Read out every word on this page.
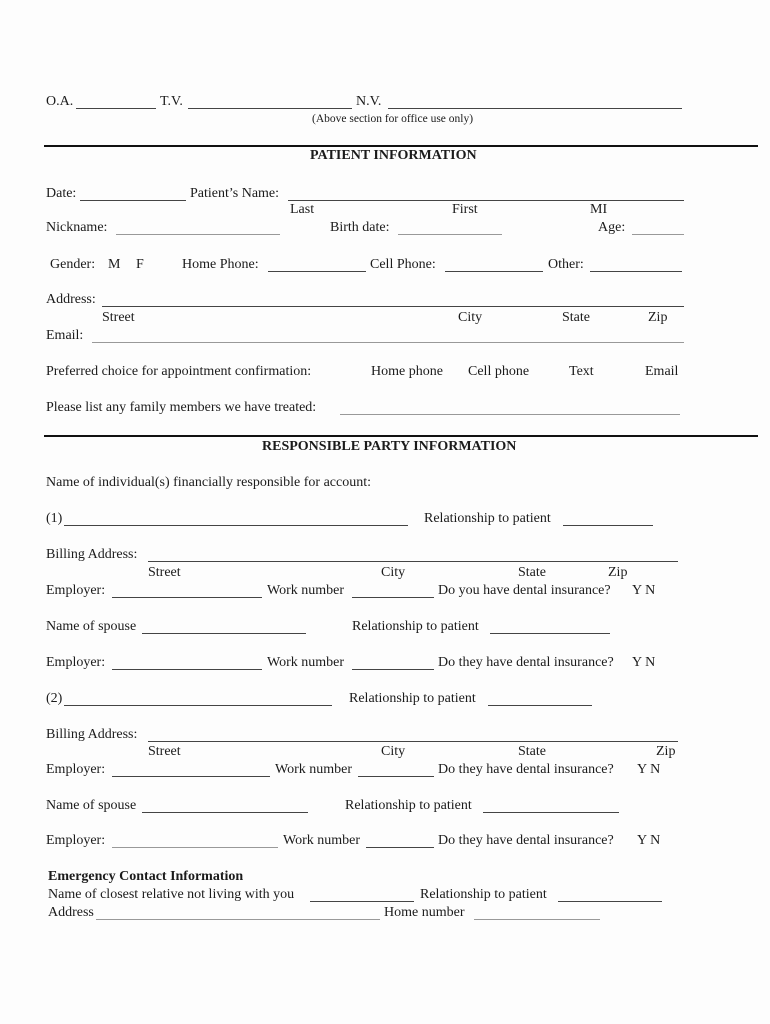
O.A.	T.V.	N.V.
(Above section for office use only)
PATIENT INFORMATION
Date:	Patient’s Name:
Last	First	MI
Nickname:	Birth date:	Age:
Gender: M F	Home Phone:	Cell Phone:	Other:
Address:
Street	City	State	Zip
Email:
Preferred choice for appointment confirmation:	Home phone Cell phone	Text	Email
Please list any family members we have treated:
RESPONSIBLE PARTY INFORMATION
Name of individual(s) financially responsible for account:
(1)	Relationship to patient
Billing Address:
Street	City	State	Zip
Employer:	Work number	Do you have dental insurance? Y N
Name of spouse	Relationship to patient
Employer:	Work number	Do they have dental insurance? Y N
(2)	Relationship to patient
Billing Address:
Street	City	State	Zip
Employer:	Work number	Do they have dental insurance? Y N
Name of spouse	Relationship to patient
Employer:	Work number	Do they have dental insurance? Y N
Emergency Contact Information
Name of closest relative not living with you	Relationship to patient
Address	Home number
